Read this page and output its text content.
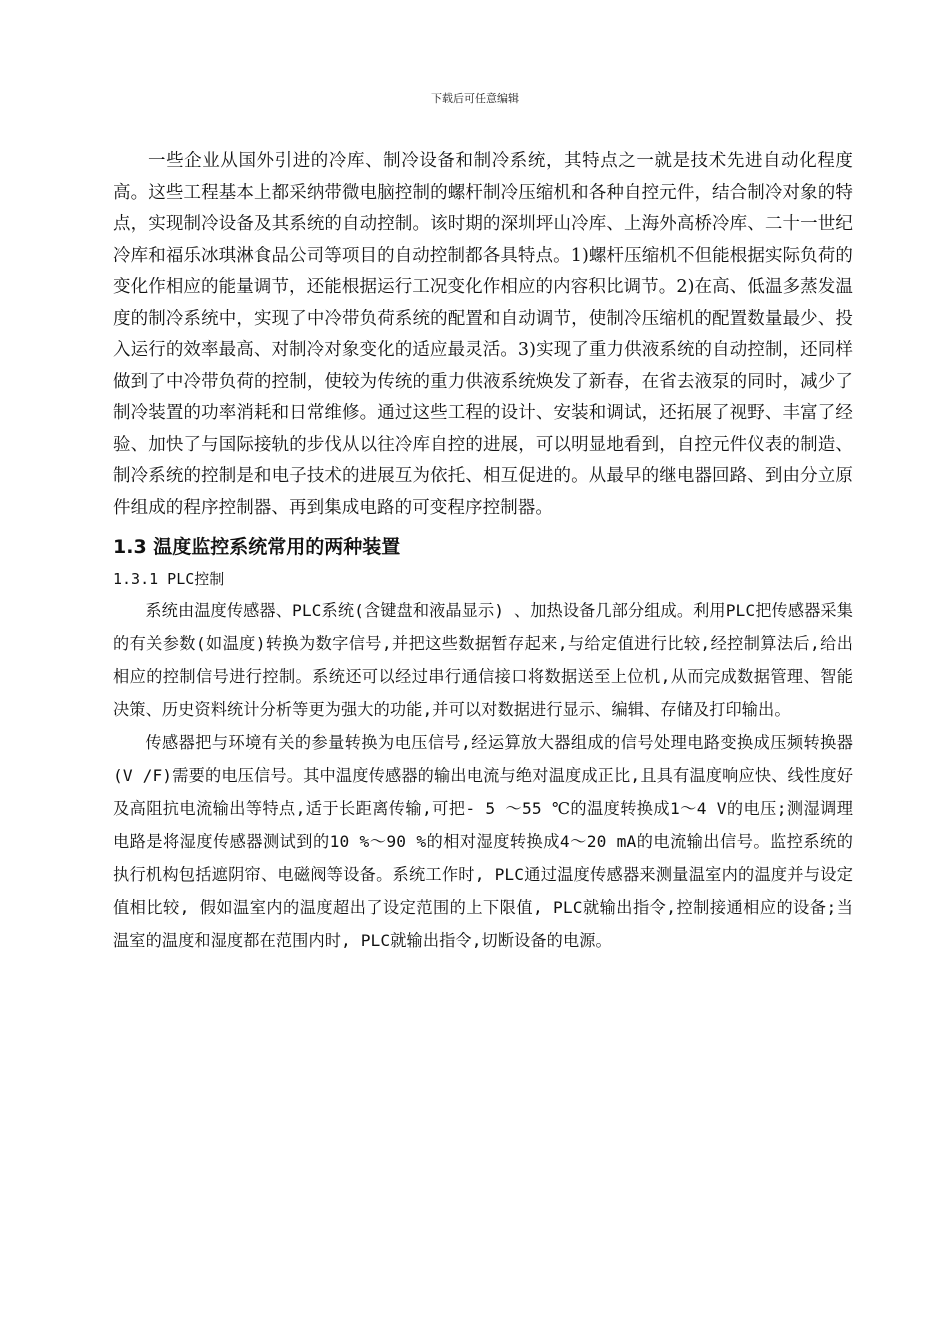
下载后可任意编辑

一些企业从国外引进的冷库、制冷设备和制冷系统，其特点之一就是技术先进自动化程度高。这些工程基本上都采纳带微电脑控制的螺杆制冷压缩机和各种自控元件，结合制冷对象的特点，实现制冷设备及其系统的自动控制。该时期的深圳坪山冷库、上海外高桥冷库、二十一世纪冷库和福乐冰琪淋食品公司等项目的自动控制都各具特点。1)螺杆压缩机不但能根据实际负荷的变化作相应的能量调节，还能根据运行工况变化作相应的内容积比调节。2)在高、低温多蒸发温度的制冷系统中，实现了中冷带负荷系统的配置和自动调节，使制冷压缩机的配置数量最少、投入运行的效率最高、对制冷对象变化的适应最灵活。3)实现了重力供液系统的自动控制，还同样做到了中冷带负荷的控制，使较为传统的重力供液系统焕发了新春，在省去液泵的同时，减少了制冷装置的功率消耗和日常维修。通过这些工程的设计、安装和调试，还拓展了视野、丰富了经验、加快了与国际接轨的步伐从以往冷库自控的进展，可以明显地看到，自控元件仪表的制造、制冷系统的控制是和电子技术的进展互为依托、相互促进的。从最早的继电器回路、到由分立原件组成的程序控制器、再到集成电路的可变程序控制器。

1.3 温度监控系统常用的两种装置
1.3.1 PLC控制

系统由温度传感器、PLC系统(含键盘和液晶显示) 、加热设备几部分组成。利用PLC把传感器采集的有关参数(如温度)转换为数字信号,并把这些数据暂存起来,与给定值进行比较,经控制算法后,给出相应的控制信号进行控制。系统还可以经过串行通信接口将数据送至上位机,从而完成数据管理、智能决策、历史资料统计分析等更为强大的功能,并可以对数据进行显示、编辑、存储及打印输出。

传感器把与环境有关的参量转换为电压信号,经运算放大器组成的信号处理电路变换成压频转换器(V /F)需要的电压信号。其中温度传感器的输出电流与绝对温度成正比,且具有温度响应快、线性度好及高阻抗电流输出等特点,适于长距离传输,可把- 5 ～55 ℃的温度转换成1～4 V的电压;测湿调理电路是将湿度传感器测试到的10 %～90 %的相对湿度转换成4～20 mA的电流输出信号。监控系统的执行机构包括遮阴帘、电磁阀等设备。系统工作时, PLC通过温度传感器来测量温室内的温度并与设定值相比较, 假如温室内的温度超出了设定范围的上下限值, PLC就输出指令,控制接通相应的设备;当温室的温度和湿度都在范围内时, PLC就输出指令,切断设备的电源。
